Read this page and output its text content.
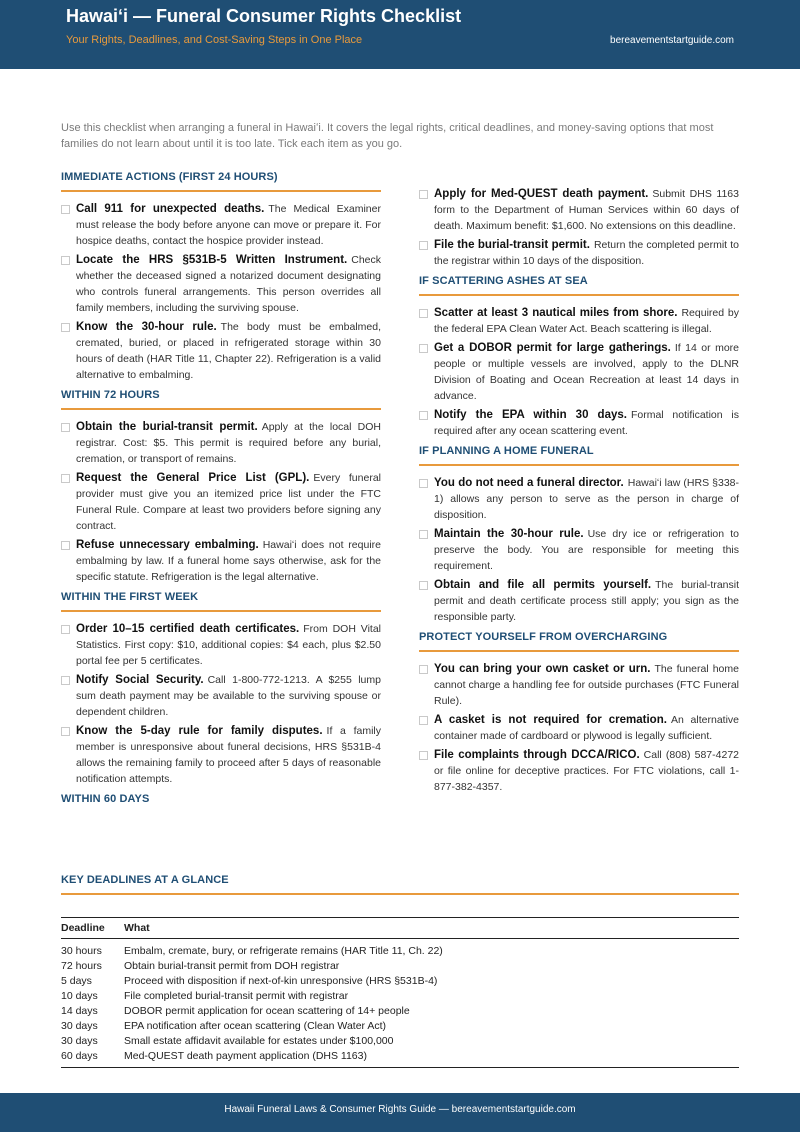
Hawaiʻi — Funeral Consumer Rights Checklist
Your Rights, Deadlines, and Cost-Saving Steps in One Place	bereavementstartguide.com
Use this checklist when arranging a funeral in Hawaiʻi. It covers the legal rights, critical deadlines, and money-saving options that most families do not learn about until it is too late. Tick each item as you go.
IMMEDIATE ACTIONS (FIRST 24 HOURS)
Call 911 for unexpected deaths. The Medical Examiner must release the body before anyone can move or prepare it. For hospice deaths, contact the hospice provider instead.
Locate the HRS §531B-5 Written Instrument. Check whether the deceased signed a notarized document designating who controls funeral arrangements. This person overrides all family members, including the surviving spouse.
Know the 30-hour rule. The body must be embalmed, cremated, buried, or placed in refrigerated storage within 30 hours of death (HAR Title 11, Chapter 22). Refrigeration is a valid alternative to embalming.
WITHIN 72 HOURS
Obtain the burial-transit permit. Apply at the local DOH registrar. Cost: $5. This permit is required before any burial, cremation, or transport of remains.
Request the General Price List (GPL). Every funeral provider must give you an itemized price list under the FTC Funeral Rule. Compare at least two providers before signing any contract.
Refuse unnecessary embalming. Hawaiʻi does not require embalming by law. If a funeral home says otherwise, ask for the specific statute. Refrigeration is the legal alternative.
WITHIN THE FIRST WEEK
Order 10–15 certified death certificates. From DOH Vital Statistics. First copy: $10, additional copies: $4 each, plus $2.50 portal fee per 5 certificates.
Notify Social Security. Call 1-800-772-1213. A $255 lump sum death payment may be available to the surviving spouse or dependent children.
Know the 5-day rule for family disputes. If a family member is unresponsive about funeral decisions, HRS §531B-4 allows the remaining family to proceed after 5 days of reasonable notification attempts.
WITHIN 60 DAYS
Apply for Med-QUEST death payment. Submit DHS 1163 form to the Department of Human Services within 60 days of death. Maximum benefit: $1,600. No extensions on this deadline.
File the burial-transit permit. Return the completed permit to the registrar within 10 days of the disposition.
IF SCATTERING ASHES AT SEA
Scatter at least 3 nautical miles from shore. Required by the federal EPA Clean Water Act. Beach scattering is illegal.
Get a DOBOR permit for large gatherings. If 14 or more people or multiple vessels are involved, apply to the DLNR Division of Boating and Ocean Recreation at least 14 days in advance.
Notify the EPA within 30 days. Formal notification is required after any ocean scattering event.
IF PLANNING A HOME FUNERAL
You do not need a funeral director. Hawaiʻi law (HRS §338-1) allows any person to serve as the person in charge of disposition.
Maintain the 30-hour rule. Use dry ice or refrigeration to preserve the body. You are responsible for meeting this requirement.
Obtain and file all permits yourself. The burial-transit permit and death certificate process still apply; you sign as the responsible party.
PROTECT YOURSELF FROM OVERCHARGING
You can bring your own casket or urn. The funeral home cannot charge a handling fee for outside purchases (FTC Funeral Rule).
A casket is not required for cremation. An alternative container made of cardboard or plywood is legally sufficient.
File complaints through DCCA/RICO. Call (808) 587-4272 or file online for deceptive practices. For FTC violations, call 1-877-382-4357.
KEY DEADLINES AT A GLANCE
Deadline	What
30 hours	Embalm, cremate, bury, or refrigerate remains (HAR Title 11, Ch. 22)
72 hours	Obtain burial-transit permit from DOH registrar
5 days	Proceed with disposition if next-of-kin unresponsive (HRS §531B-4)
10 days	File completed burial-transit permit with registrar
14 days	DOBOR permit application for ocean scattering of 14+ people
30 days	EPA notification after ocean scattering (Clean Water Act)
30 days	Small estate affidavit available for estates under $100,000
60 days	Med-QUEST death payment application (DHS 1163)
Hawaii Funeral Laws & Consumer Rights Guide — bereavementstartguide.com
